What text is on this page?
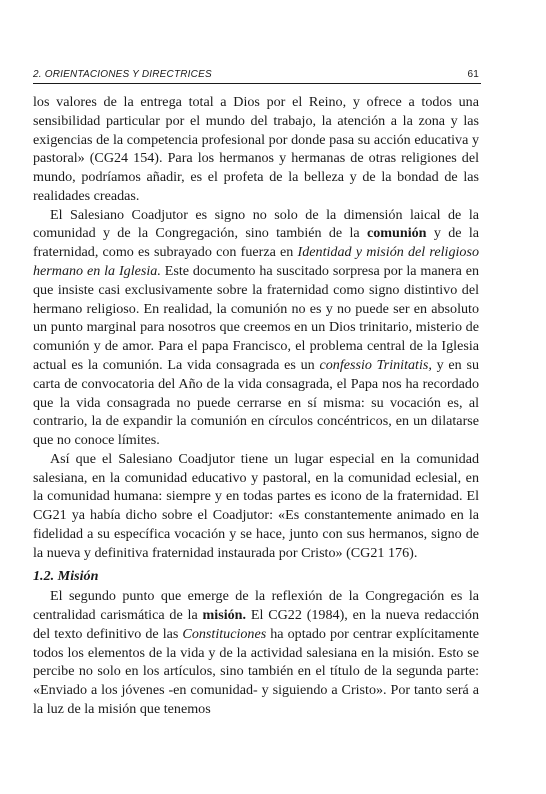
2. ORIENTACIONES Y DIRECTRICES	61

los valores de la entrega total a Dios por el Reino, y ofrece a todos una sensibilidad particular por el mundo del trabajo, la atención a la zona y las exigencias de la competencia profesional por donde pasa su acción educativa y pastoral» (CG24 154). Para los hermanos y hermanas de otras religiones del mundo, podríamos añadir, es el profeta de la belleza y de la bondad de las realidades creadas.

El Salesiano Coadjutor es signo no solo de la dimensión laical de la comunidad y de la Congregación, sino también de la comunión y de la fraternidad, como es subrayado con fuerza en Identidad y misión del religioso hermano en la Iglesia. Este documento ha suscitado sorpresa por la manera en que insiste casi exclusivamente sobre la fraternidad como signo distintivo del hermano religioso. En realidad, la comunión no es y no puede ser en absoluto un punto marginal para nosotros que creemos en un Dios trinitario, misterio de comunión y de amor. Para el papa Francisco, el problema central de la Iglesia actual es la comunión. La vida consagrada es un confessio Trinitatis, y en su carta de convocatoria del Año de la vida consagrada, el Papa nos ha recordado que la vida consagrada no puede cerrarse en sí misma: su vocación es, al contrario, la de expandir la comunión en círculos concéntricos, en un dilatarse que no conoce límites.

Así que el Salesiano Coadjutor tiene un lugar especial en la comunidad salesiana, en la comunidad educativo y pastoral, en la comunidad eclesial, en la comunidad humana: siempre y en todas partes es icono de la fraternidad. El CG21 ya había dicho sobre el Coadjutor: «Es constantemente animado en la fidelidad a su específica vocación y se hace, junto con sus hermanos, signo de la nueva y definitiva fraternidad instaurada por Cristo» (CG21 176).

1.2. Misión

El segundo punto que emerge de la reflexión de la Congregación es la centralidad carismática de la misión. El CG22 (1984), en la nueva redacción del texto definitivo de las Constituciones ha optado por centrar explícitamente todos los elementos de la vida y de la actividad salesiana en la misión. Esto se percibe no solo en los artículos, sino también en el título de la segunda parte: «Enviado a los jóvenes -en comunidad- y siguiendo a Cristo». Por tanto será a la luz de la misión que tenemos
